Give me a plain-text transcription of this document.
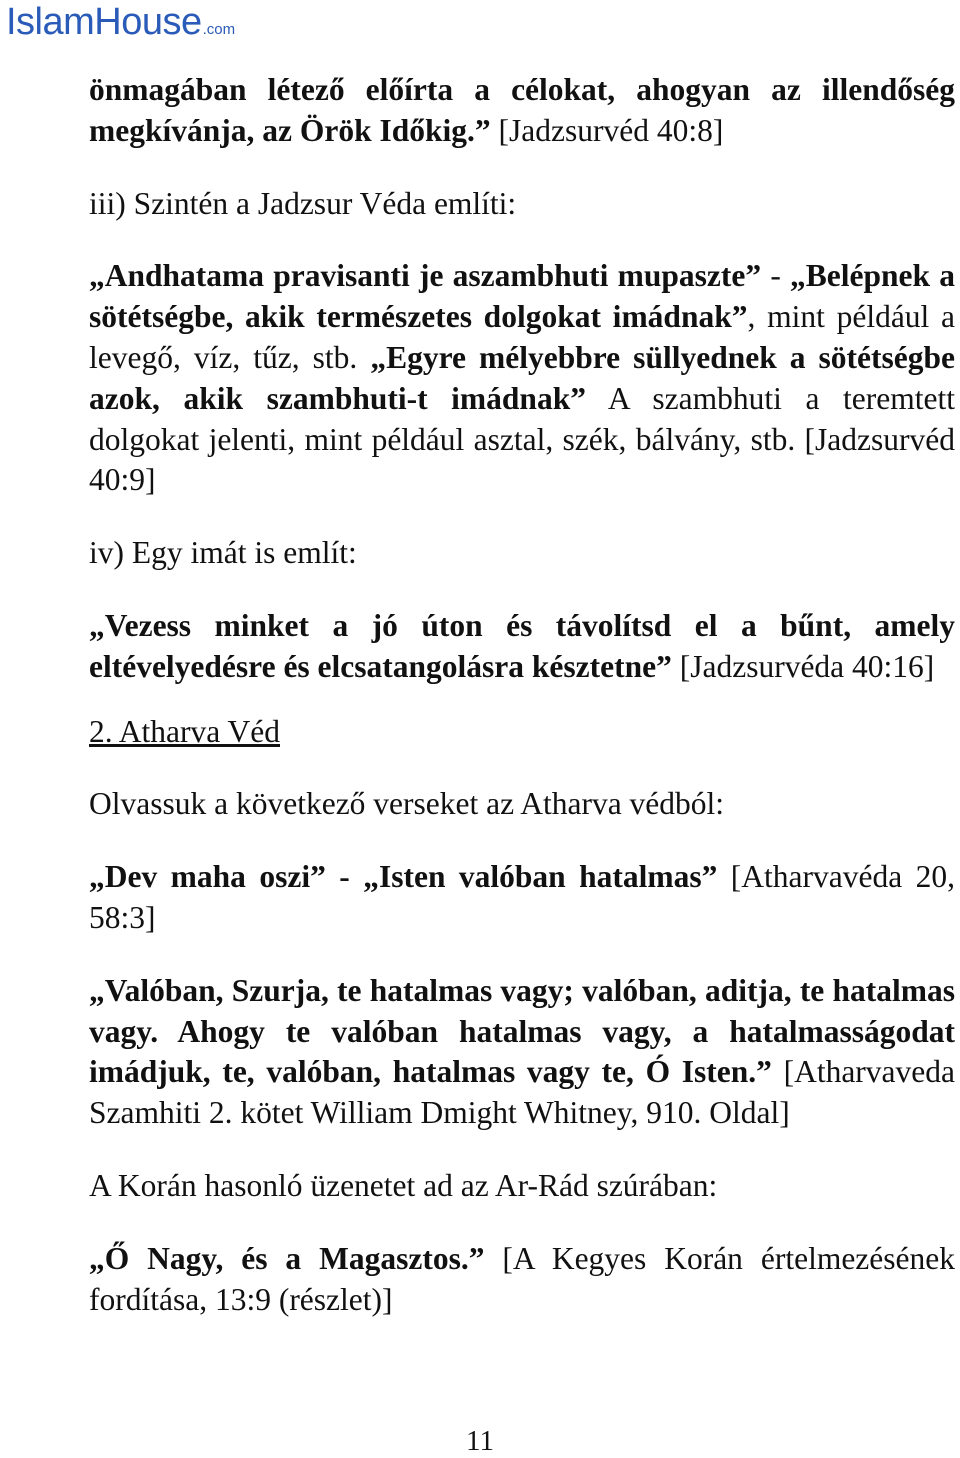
IslamHouse .com

önmagában létező előírta a célokat, ahogyan az illendőség megkívánja, az Örök Időkig.” [Jadzsurvéd 40:8]

iii) Szintén a Jadzsur Véda említi:

„Andhatama pravisanti je aszambhuti mupaszte” - „Belépnek a sötétségbe, akik természetes dolgokat imádnak”, mint például a levegő, víz, tűz, stb. „Egyre mélyebbre süllyednek a sötétségbe azok, akik szambhuti-t imádnak” A szambhuti a teremtett dolgokat jelenti, mint például asztal, szék, bálvány, stb. [Jadzsurvéd 40:9]

iv) Egy imát is említ:

„Vezess minket a jó úton és távolítsd el a bűnt, amely eltévelyedésre és elcsatangolásra késztetne” [Jadzsurvéda 40:16]

2. Atharva Véd

Olvassuk a következő verseket az Atharva védból:

„Dev maha oszi” - „Isten valóban hatalmas” [Atharvavéda 20, 58:3]

„Valóban, Szurja, te hatalmas vagy; valóban, aditja, te hatalmas vagy. Ahogy te valóban hatalmas vagy, a hatalmasságodat imádjuk, te, valóban, hatalmas vagy te, Ó Isten.” [Atharvaveda Szamhiti 2. kötet William Dmight Whitney, 910. Oldal]

A Korán hasonló üzenetet ad az Ar-Rád szúrában:

„Ő Nagy, és a Magasztos.” [A Kegyes Korán értelmezésének fordítása, 13:9 (részlet)]

11
